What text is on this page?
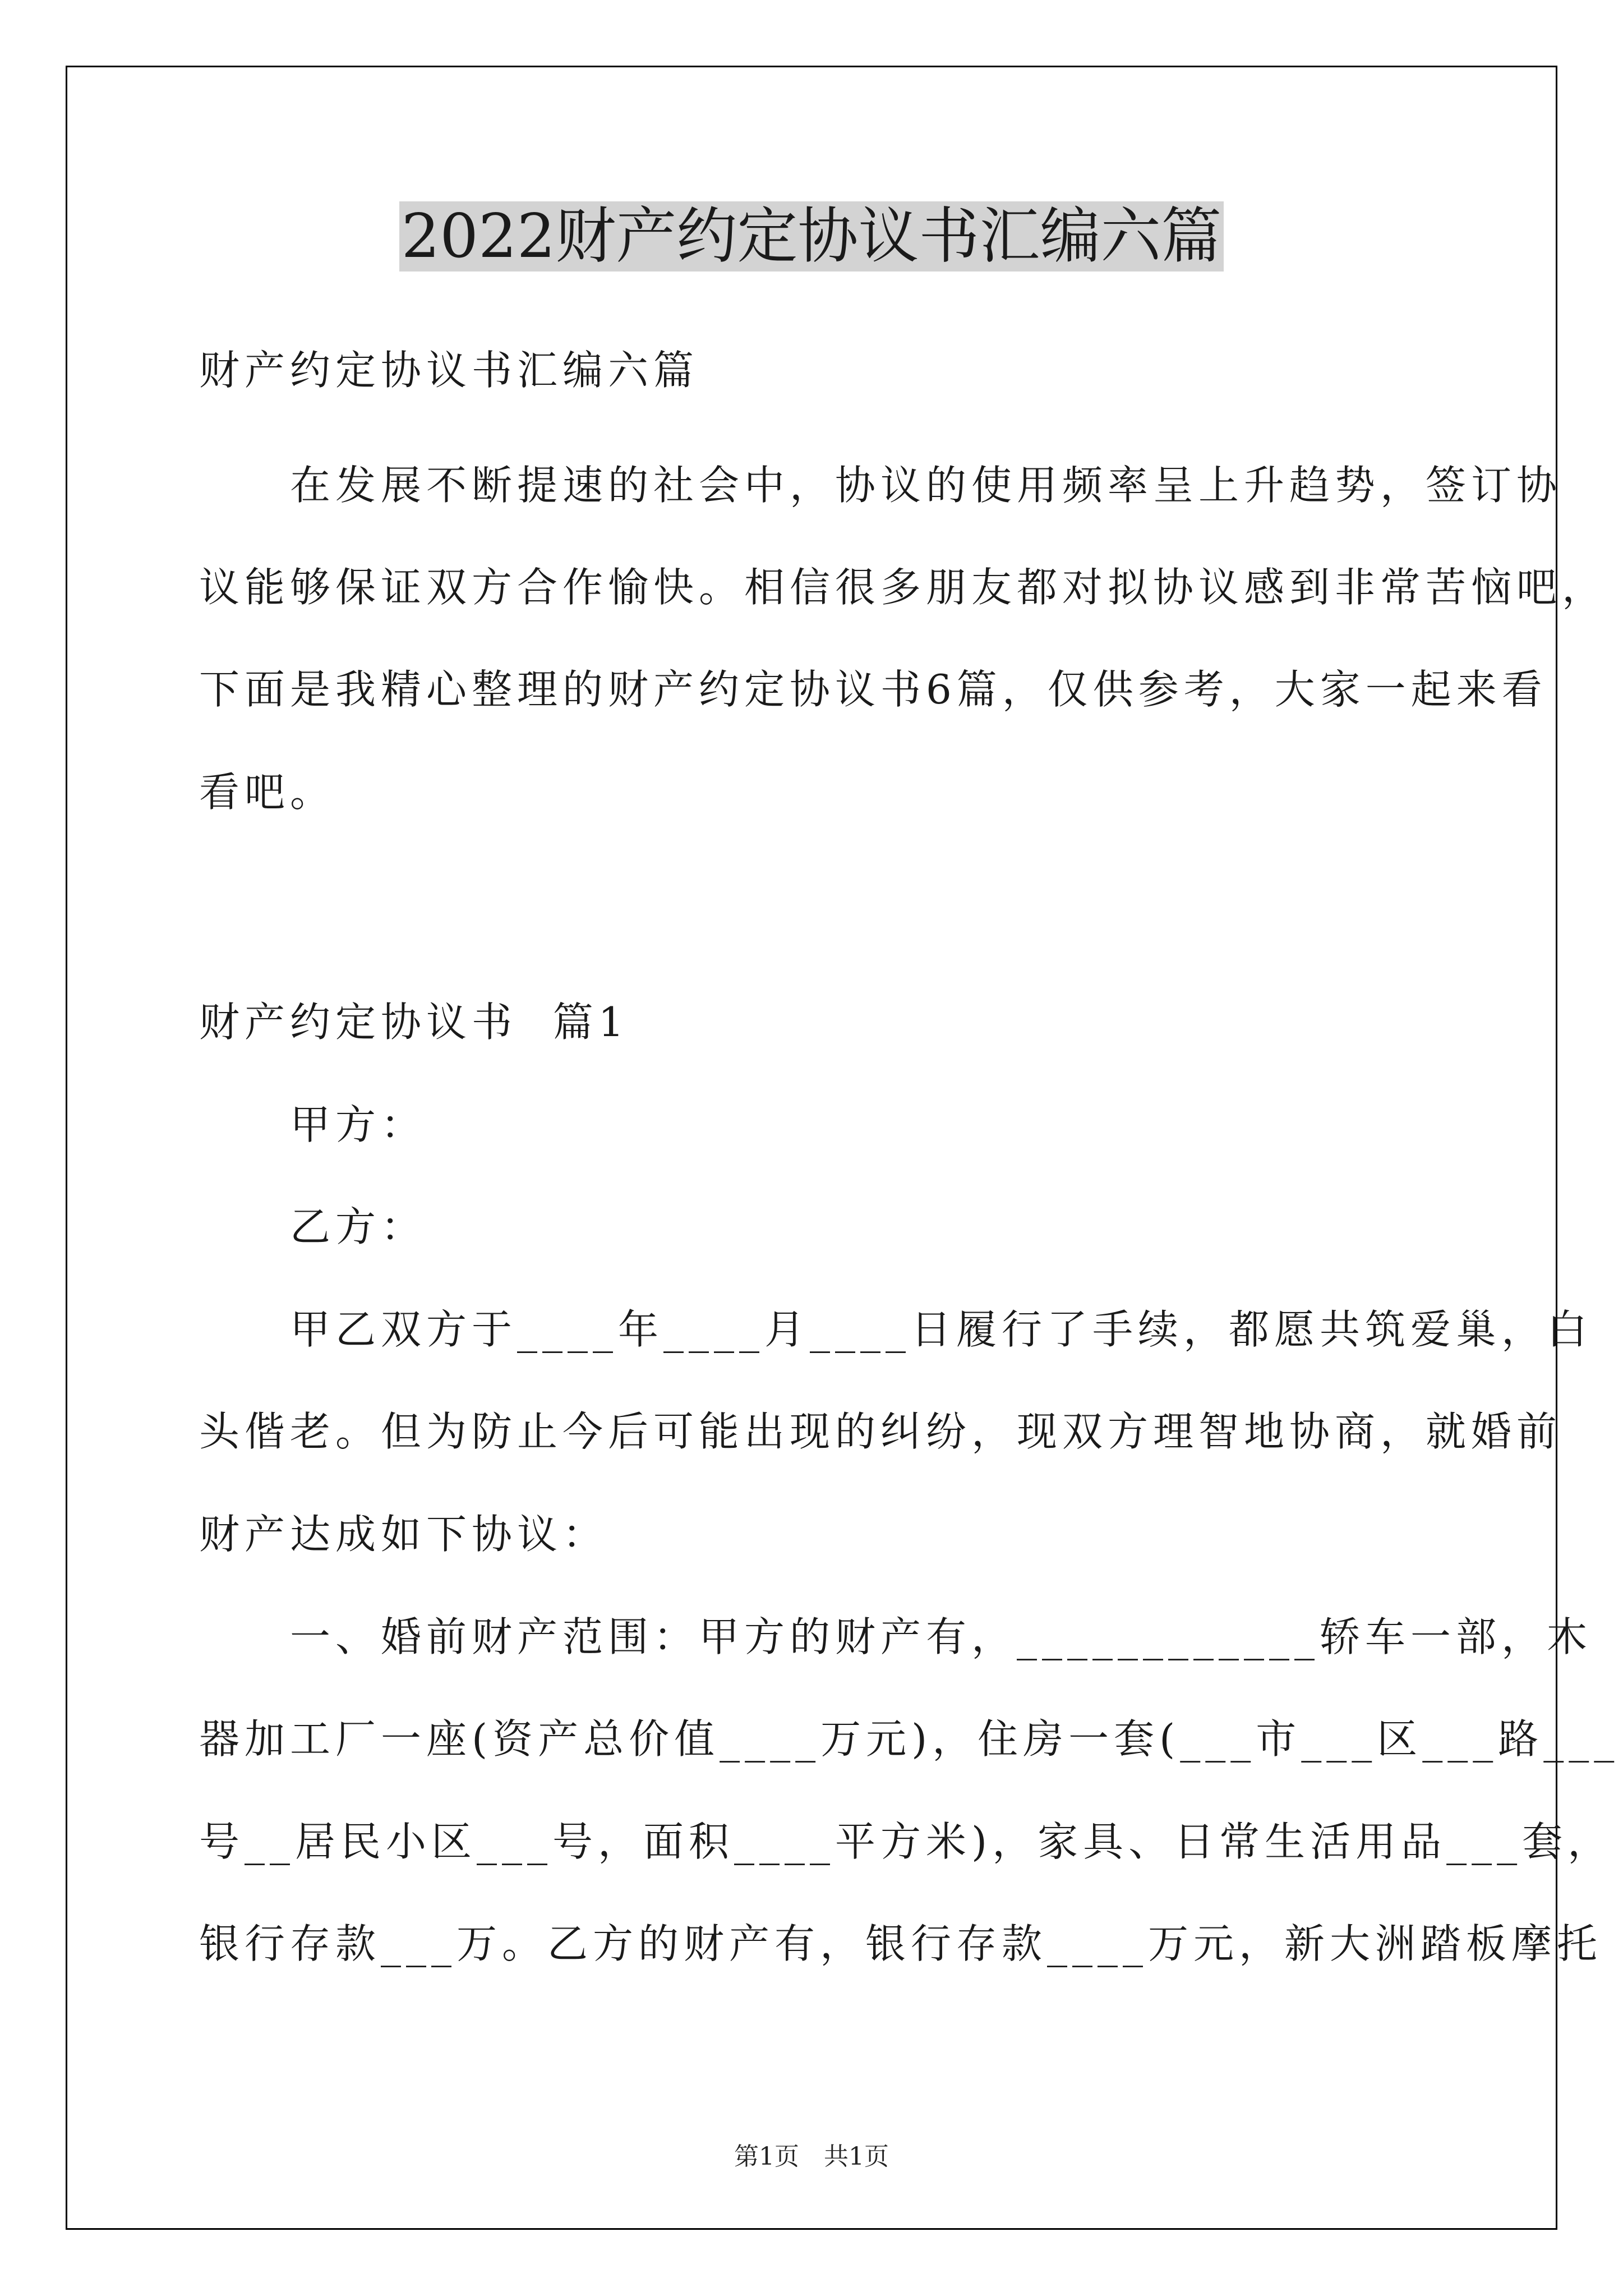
2022财产约定协议书汇编六篇
财产约定协议书汇编六篇
　　在发展不断提速的社会中，协议的使用频率呈上升趋势，签订协
议能够保证双方合作愉快。相信很多朋友都对拟协议感到非常苦恼吧，
下面是我精心整理的财产约定协议书6篇，仅供参考，大家一起来看
看吧。
财产约定协议书  篇1
　　甲方：
　　乙方：
　　甲乙双方于____年____月____日履行了手续，都愿共筑爱巢，白
头偕老。但为防止今后可能出现的纠纷，现双方理智地协商，就婚前
财产达成如下协议：
　　一、婚前财产范围：甲方的财产有，____________轿车一部，木
器加工厂一座(资产总价值____万元)，住房一套(___市___区___路___
号__居民小区___号，面积____平方米)，家具、日常生活用品___套，
银行存款___万。乙方的财产有，银行存款____万元，新大洲踏板摩托
第1页　共1页
